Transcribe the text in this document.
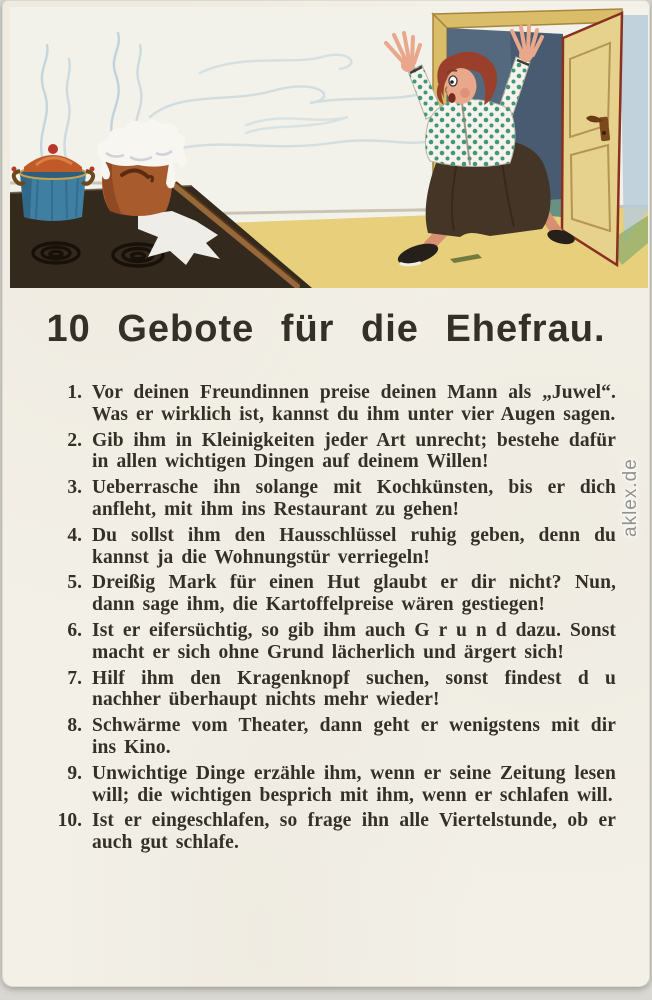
10 Gebote für die Ehefrau.
1. Vor deinen Freundinnen preise deinen Mann als „Juwel“. Was er wirklich ist, kannst du ihm unter vier Augen sagen.
2. Gib ihm in Kleinigkeiten jeder Art unrecht; bestehe dafür in allen wichtigen Dingen auf deinem Willen!
3. Ueberrasche ihn solange mit Kochkünsten, bis er dich anfleht, mit ihm ins Restaurant zu gehen!
4. Du sollst ihm den Hausschlüssel ruhig geben, denn du kannst ja die Wohnungstür verriegeln!
5. Dreißig Mark für einen Hut glaubt er dir nicht? Nun, dann sage ihm, die Kartoffelpreise wären gestiegen!
6. Ist er eifersüchtig, so gib ihm auch G r u n d dazu. Sonst macht er sich ohne Grund lächerlich und ärgert sich!
7. Hilf ihm den Kragenknopf suchen, sonst findest d u nachher überhaupt nichts mehr wieder!
8. Schwärme vom Theater, dann geht er wenigstens mit dir ins Kino.
9. Unwichtige Dinge erzähle ihm, wenn er seine Zeitung lesen will; die wichtigen besprich mit ihm, wenn er schlafen will.
10. Ist er eingeschlafen, so frage ihn alle Viertelstunde, ob er auch gut schlafe.
aklex.de
